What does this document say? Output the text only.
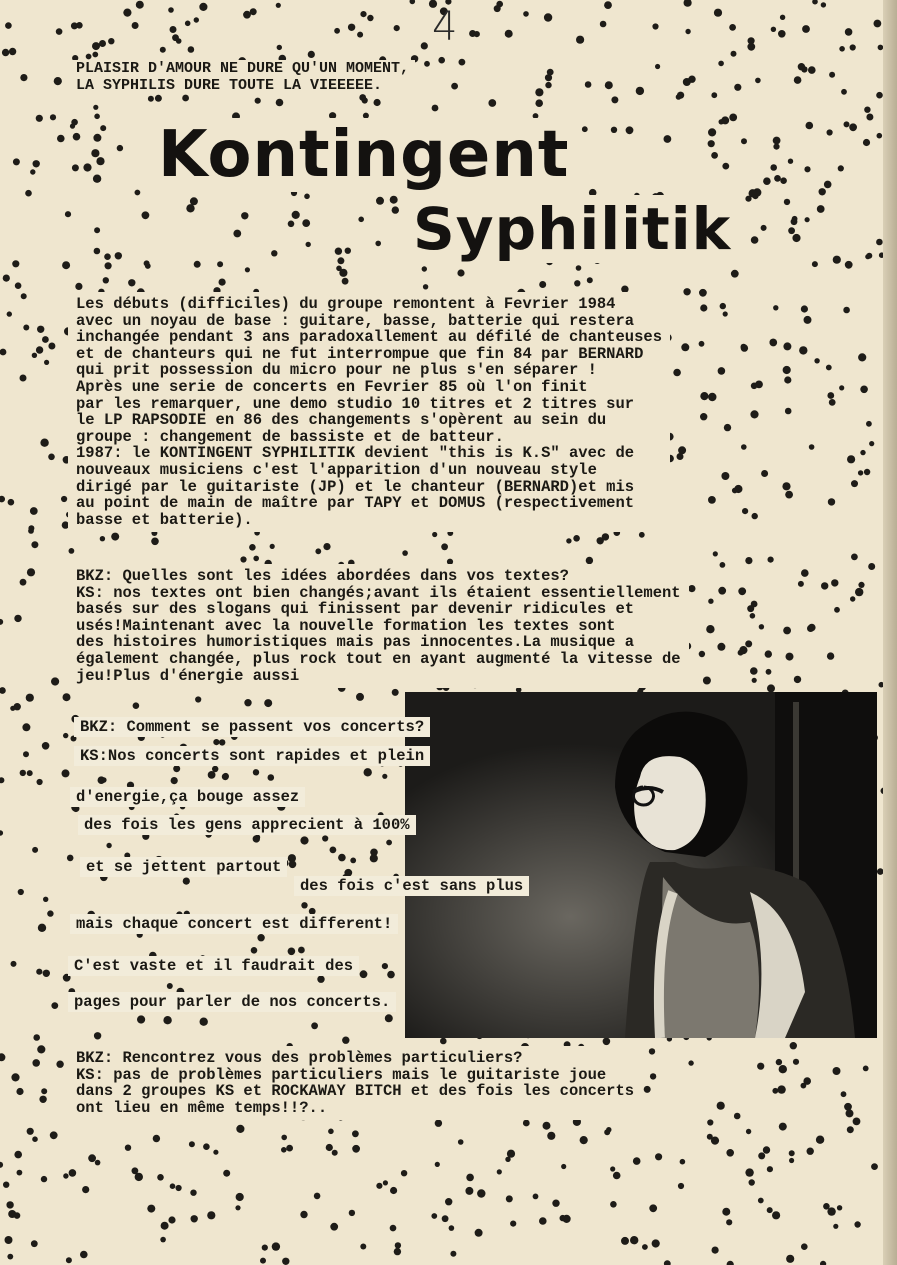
4
PLAISIR D'AMOUR NE DURE QU'UN MOMENT,
LA SYPHILIS DURE TOUTE LA VIEEEEE.
Kontingent
Syphilitik
Les débuts (difficiles) du groupe remontent à Fevrier 1984
avec un noyau de base : guitare, basse, batterie qui restera
inchangée pendant 3 ans paradoxallement au défilé de chanteuses
et de chanteurs qui ne fut interrompue que fin 84 par BERNARD
qui prit possession du micro pour ne plus s'en séparer !
Après une serie de concerts en Fevrier 85 où l'on finit
par les remarquer, une demo studio 10 titres et 2 titres sur
le LP RAPSODIE en 86 des changements s'opèrent au sein du
groupe : changement de bassiste et de batteur.
1987: le KONTINGENT SYPHILITIK devient "this is K.S" avec de
nouveaux musiciens c'est l'apparition d'un nouveau style
dirigé par le guitariste (JP) et le chanteur (BERNARD)et mis
au point de main de maître par TAPY et DOMUS (respectivement
basse et batterie).
BKZ: Quelles sont les idées abordées dans vos textes?
KS: nos textes ont bien changés;avant ils étaient essentiellement
basés sur des slogans qui finissent par devenir ridicules et
usés!Maintenant avec la nouvelle formation les textes sont
des histoires humoristiques mais pas innocentes.La musique a
également changée, plus rock tout en ayant augmenté la vitesse de
jeu!Plus d'énergie aussi
BKZ: Comment se passent vos concerts?
KS:Nos concerts sont rapides et plein
d'energie,ça bouge assez
des fois les gens apprecient à 100%
et se jettent partout
des fois c'est sans plus
mais chaque concert est different!
C'est vaste et il faudrait des
pages pour parler de nos concerts.
BKZ: Rencontrez vous des problèmes particuliers?
KS: pas de problèmes particuliers mais le guitariste joue
dans 2 groupes KS et ROCKAWAY BITCH et des fois les concerts
ont lieu en même temps!!?..
